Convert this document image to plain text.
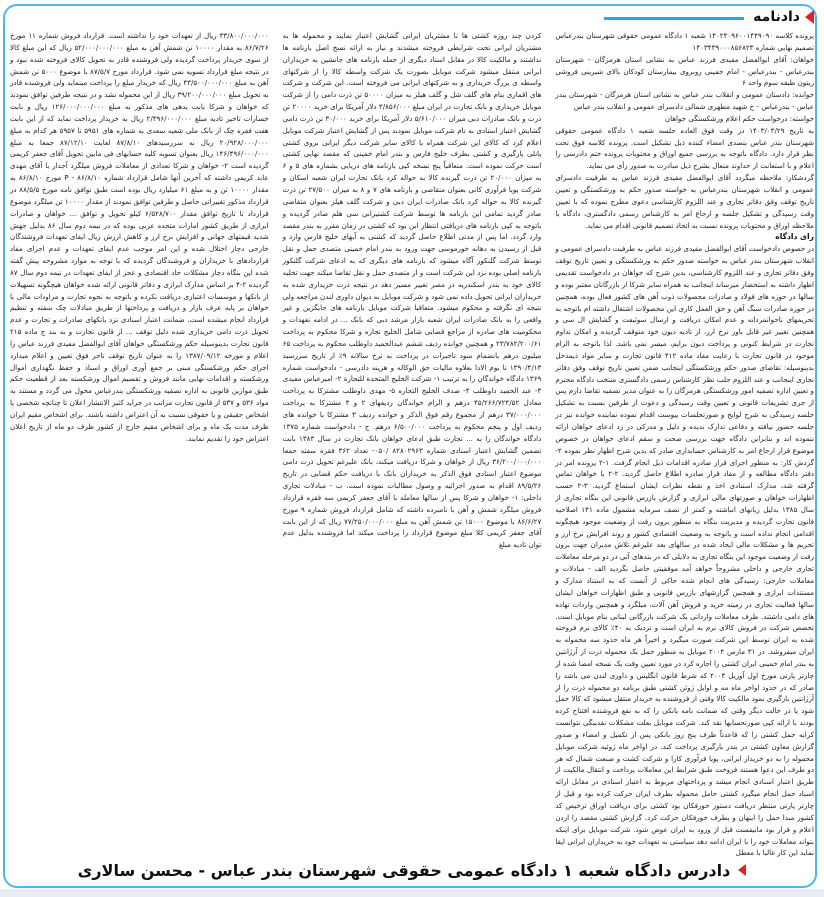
دادنامه

پرونده کلاسه ۱۴۰۲۴۰۹۶۰۰۱۴۴۹۰۹۰ شعبه ۱ دادگاه عمومی حقوقی شهرستان بندرعباس تصمیم نهایی شماره ۱۴۰۳۴۳۹۰۰۰۸۵۶۸۲۳

خواهان: آقای ابوالفضل مفیدی فرزند عباس به نشانی استان هرمزگان - شهرستان بندرعباس - بندرعباس - امام خمینی روبروی بیمارستان کودکان بالای شیرینی فروشی زیتون طبقه سوم واحد ۶

خوانده: دادستان عمومی و انقلاب بندر عباس به نشانی استان هرمزگان - شهرستان بندر عباس - بندرعباس - خ شهید مطهری شمالی دادسرای عمومی و انقلاب بندر عباس

خواسته: درخواست حکم اعلام ورشکستگی خواهان

به تاریخ ۱۴۰۳/۰۳/۲۹ در وقت فوق العاده جلسه شعبه ۱ دادگاه عمومی حقوقی شهرستان بندر عباس بتصدی امضاء کننده ذیل تشکیل است. پرونده کلاسه فوق تحت نظر قرار دارد. دادگاه باتوجه به بررسی جمیع اوراق و محتویات پرونده ختم دادرسی را اعلام و با استعانت از خداوند متعال بشرح ذیل مبادرت به صدور رأی می نماید.

گردشکار: ملاحظه میگردد آقای ابوالفضل مفیدی فرزند عباس به طرفیت دادسرای عمومی و انقلاب شهرستان بندرعباس به خواسته صدور حکم به ورشکستگی و تعیین تاریخ توقف وفق دفاتر تجاری و عند اللزوم کارشناسی دعوی مطرح نموده که با تعیین وقت رسیدگی و تشکیل جلسه و ارجاع امر به کارشناس رسمی دادگستری، دادگاه با ملاحظه اوراق و محتویات پرونده نسبت به اتخاذ تصمیم قانونی اقدام می نماید.

رای دادگاه

در خصوص دادخواست آقای ابوالفضل مفیدی فرزند عباس به طرفیت دادسرای عمومی و انقلاب شهرستان بندر عباس به خواسته صدور حکم به ورشکستگی و تعیین تاریخ توقف وفق دفاتر تجاری و عند اللزوم کارشناسی، بدین شرح که خواهان در دادخواست تقدیمی اظهار داشته به استحضار میرساند اینجانب به همراه سایر شرکا از بازرگانان معتبر بوده و سالها در حوزه های فولاد و صادرات محصولات ذوب آهن های کشور فعال بوده، همچنین در حوزه صادرات سنگ آهن و حق العمل کاری این محصولات اشتغال داشته ام باتوجه به تحریمهای ناجوانمردانه و عدم امکان دریافت و ارسال سوئیفت و گشایش ال سی و همچنین تغییر غیر قابل باور نرخ ارز، از تادیه دیون خود متوقف گردیده و امکان تداوم تجارت در شرایط کنونی و پرداخت دیون برایم، میسر نمی باشد. لذا باتوجه به الزام موجود در قانون تجارت با رعایت مفاد ماده ۴۱۲ قانون تجارت و سایر مواد ذیمدخل بدینوسیله: تقاضای صدور حکم ورشکستگی اینجانب ضمن تعیین تاریخ توقف وفق دفاتر تجاری اینجانب و عند اللزوم جلب نظر کارشناس رسمی دادگستری منتخب دادگاه محترم و تعیین اداره تصفیه امور ورشکستگی هرمزگان را به عنوان مدیر تصفیه تقاضا دارم پس از جری تشریفات قانونی و تعیین وقت رسیدگی و دعوت از طرفین نسبت به تشکیل جلسه رسیدگی به شرح لوایح و صورتجلسات پیوست اقدام نموده نماینده خوانده نیز در جلسه حضور نیافته و دفاعی تدارک ندیده و دلیل و مدرکی در رد ادعای خواهان ارائه ننموده اند و بنابراین دادگاه جهت بررسی صحت و سقم ادعای خواهان در خصوص موضوع قرار ارجاع امر به کارشناس حسابداری صادر که بدین شرح اظهار نظر نموده ۲- گردش کار: به منظور اجرای قرار صادره اقدامات ذیل انجام گرفت. ۱-۲ پرونده امر در دفتر دادگاه مطالعه و از مفاد قرار صادره اطلاع حاصل گردید. ۲-۲ با خواهان تماس گرفته شد، مدارک استنادی اخذ و نقطه نظرات ایشان استماع گردید. ۳-۲ حسب اظهارات خواهان و صورتهای مالی ابرازی و گزارش بازرس قانونی این بنگاه تجاری از سال ۱۳۸۵ بدلیل زیانهای انباشته و کمتر از نصف سرمایه مشمول ماده ۱۴۱ اصلاحیه قانون تجارت گردیده و مدیریت بنگاه به منظور برون رفت از وضعیت موجود هیچگونه اقدامی انجام نداده است و باتوجه به وضعیت اقتصادی کشور و روند افزایش نرخ ارز و تحریم ها و مشکلات مالی ایجاد شده در سالهای بعد علیرغم تلاش مدیران جهت برون رفت از وضعیت موجود این بنگاه تجاری به دلایلی که در بندهای آتی در دو مرحله معاملات تجاری خارجی و داخلی مشروحاً خواهد آمد موفقیتی حاصل نگردید الف - مبادلات و معاملات خارجی: رسیدگی های انجام شده حاکی از آنست که به استناد مدارک و مستندات ابرازی و همچنین گزارشهای بازرس قانونی و طبق اظهارات خواهان ایشان سالها فعالیت تجاری در زمینه خرید و فروش آهن آلات، میلگرد و همچنین واردات نهاده های دامی داشتند. طرف معاملات وارداتی یک شرکت بازرگانی لبنانی بنام موبایل است. تخصص شرکت در فروش کالای نرم به ایران است و نزدیک به ۴۰٪ کالای نرم فروخته شده به ایران توسط این شرکت صورت میگیرد و اخیراً هر ماه حدود سه محموله به ایران میفروشد. در ۳۱ مارس ۲۰۰۴ موبایل به منظور حمل یک محموله ذرت از آرژانتین به بندر امام خمینی ایران کشتی را اجاره کرد در مورد تعیین وقت یک نسخه امضا شده از چارتر پارتی مورخ اول آوریل ۲۰۰۴ که شرط قانون انگلیس و داوری لندن می باشد را صادر که در حدود اواخر ماه مه و اوایل ژوئن کشتی طبق برنامه دو محموله ذرت را از آرژانتین بارگیری نمود مالکیت کالا وقتی از فروشنده به خریدار منتقل میشود که کالا حمل شود یا در حالت دیگر وقتی که ضمانت نامه بانکی را که به نفع فروشنده افتتاح کرده بودند با ارائه کپی صورتحسابها نقد کند. شرکت موبایل بعلت مشکلات نقدینگی نتوانست کرایه حمل کشتی را که قاعدتاً ظرف پنج روز بانکی پس از تکمیل و امضاء و صدور گزارش معاون کشتی در بندر بارگیری پرداخت کند. در اواخر ماه ژوئیه شرکت موبایل محموله را به دو خریدار ایرانی، پویا فرآوری کارا و شرکت کشت و صنعت شمال که هر دو طرف این دعوا هستند فروخت طبق شرایط این معاملات پرداخت و انتقال مالکیت از طریق اعتبار اسنادی انجام میشد و پرداختهای مربوط به اعتبار اسنادی در مقابل ارائه اسناد حمل انجام میگیرد کشتی حامل محموله بطرف ایران حرکت کرده بود و قبل از چارتر پارتی منتظر دریافت دستور خورفکان بود کشتی برای دریافت اوراق ترخیص کد کشور مبدا حمل را اینهان و بطرف خورفکان حرکت کرد. گزارش کشتی مقصد را اردن اعلام و قرار بود مانیفست قبل از ورود به ایران عوض شود. شرکت موبایل برای اینکه بتواند معاملات خود را با ایران ادامه دهد سیاستی به تعهدات خود به خریداران ایرانی ایفا نماید این کار غالبا با معطل

کردن چند روزه کشتی ها تا مشتریان ایرانی گشایش اعتبار نمایند و محموله ها به مشتریان ایرانی تحت شرایطی فروخته میشدند و نیاز به ارائه نسخ اصل بارنامه ها نداشتند و مالکیت کالا در مقابل اسناد دیگری از جمله بارنامه های جانشین به خریداران ایرانی منتقل میشود شرکت موبایل بصورت یک شرکت واسطه کالا را از شرکتهای واسطه ی بزرگ خریداری و به شرکتهای ایرانی می فروخته است. این شرکت و شرکت های اقماری بنام های گلف شل و گلف هیلز به میزان ۵۰۰۰۰ تن ذرت دامی را از شرکت موبایل خریداری و بانک تجارت در ایران مبلغ ۳/۸۵۶/۰۰۰ دلار آمریکا برای خرید ۲۰۰۰۰ تن ذرت و بانک صادرات دبی میزان ۵/۶۱۰/۰۰۰ دلار آمریکا برای خرید ۳۰/۰۰۰ تن ذرت دامی گشایش اعتبار اسنادی به نام شرکت موبایل نمودند پس از گشایش اعتبار شرکت موبایل اعلام کرد که کالای این شرکت همراه با کالای سایر شرکت دیگر ایرانی بروی کشتی پانلی بارگیری و کشتی بطرف خلیج فارس و بندر امام خمینی که مقصد نهایی کشتی است حرکت نموده است. متعاقباً پنج نسخه کپی بارنامه های دریایی بشماره های ۵ و ۶ به میزان ۲۰/۰۰۰ تن ذرت گیرنده کالا به حواله کرد بانک تجارت ایران شعبه اسکان و شرکت پویا فرآوری کانی بعنوان متقاضی و بارنامه های ۷ و ۸ به میزان ۲۷/۵۰۰ تن ذرت گیرنده کالا به حواله کرد بانک صادرات ایران دبی و شرکت گلف هیلز بعنوان متقاضی صادر گردید تمامی این بارنامه ها توسط شرکت کشتیرانی سی هلم صادر گردیده و باتوجه به کپی بارنامه های دریافتی انتظار این بود که کشتی در زمان مقرر به بندر مقصد وارد گردد. اما پس از مدتی اطلاع حاصل گردید که کشتی به آبهای خلیج فارس وارد و قبل از رسیدن به دهانه خورموسی جهت ورود به بندر امام خمینی متصدی حمل و نقل توسط شرکت گلنکور آگاه میشود که بارنامه های دیگری که به ادعای شرکت گلنکور بارنامه اصلی بوده نزد این شرکت است و از متصدی حمل و نقل تقاضا میکند جهت تخلیه کالای خود به بندر اسکندریه در مصر تغییر مسیر دهد در نتیجه ذرت خریداری شده به خریداران ایرانی تحویل داده نمی شود و شرکت موبایل به دیوان داوری لندن مراجعه ولی نتیجه ای نگرفته و محکوم میشود. متعاقبا شرکت موبایل بارنامه های جایگزین و غیر واقعی را به بانک صادرات ایران شعبه بازار مرشد دبی که بانک ... در ادامه تعهدات و محکومیت های صادره از مراجع قضایی شامل الخلیج تجاره و شرکا محکوم به پرداخت ۲۳/۷۸۲/۲۰۰/۶۱ و همچنین خوانده ردیف ششم عبدالحمید داوطلب محکوم به پرداخت ۶۵ میلیون درهم بانضمام سود تاخیرات در پرداخت به نرخ سالانه ۹٪ از تاریخ سررسید ۱۳۹۰/۴/۱۳ تا یوم الادا بعلاوه مالیات حق الوکاله و هزینه دادرسی - دادخواست شماره ۱۳۶۹ دادگاه خواندگان را به ترتیب ۱- شرکت الخلیج المتحدة للتجارة ۲- امیرعباس مفیدی ۳- عبد الحمید داوطلب ۴- صدف الخلیج التجاره ۵- مهدی داوطلب مشترکا به پرداخت معادل ۴۵/۲۶۶/۷۲۴/۵۲ درهم و الزام خواندگان ردیفهای ۲ و ۴ مشترکا به پرداخت ۳۷/۰۰۰/۰۰۰ درهم از مجموع رقم فوق الذکر و خوانده ردیف ۳ مشترکا با خوانده های ردیف اول و پنجم محکوم به پرداخت ۶/۵۰۰/۰۰۰ درهم. ج - دادخواست شماره ۱۳۷۵ دادگاه خواندگان را به ... تجارت طبق ادعای خواهان بانک تجارت در سال ۱۳۸۳ بابت تضمین گشایش اعتبار اسنادی شماره ۸۲۸۰۲۹۶۳ /۰۵۰- تعداد ۳۶۲ فقره سفته جمعا ۳۶/۲۰۰/۰۰۰/۰۰۰ ریال از خواهان و شرکا دریافت میکند، بانک علیرغم تحویل ذرت دامی موضوع اعتبار اسنادی فوق الذکر به خریداران بانک با دریافت حکم قضایی در تاریخ ۸۹/۵/۲۶ اقدام به صدور اجرائیه و وصول مطالبات نموده است. ب - مبادلات تجاری داخلی: ۱- خواهان و شرکا پس از سالها معامله با آقای جعفر کریمی سه فقره قرارداد فروش میلگرد شمش و آهن با نامبرده داشته که شامل قرارداد فروش شماره ۹ مورخ ۸۶/۶/۲۷ با موضوع ۱۵۰۰۰ تن شمش آهن به مبلغ ۷۷/۲۵۰/۰۰۰/۰۰۰ ریال که از این بابت آقای جعفر کریمی کلا مبلغ موضوع قرارداد را پرداخت میکند اما فروشنده بدلیل عدم توان تادیه مبلغ

۳۳/۸۰۰/۰۰۰/۰۰۰ ریال از تعهدات خود را نداشته است. قرارداد فروش شماره ۱۱ مورخ ۸۶/۷/۲۶ به مقدار ۱۰۰۰۰ تن شمش آهن به مبلغ ۵۲/۰۰۰/۰۰۰/۰۰۰ ریال که این مبلغ کالا از سوی خریدار پرداخت گردیده ولی فروشنده قادر به تحویل کالای فروخته شده نبود و در نتیجه مبلغ قرارداد تسویه نمی شود. قرارداد مورخ ۸۷/۵/۷ با موضوع ۵۰۰۰ تن شمش آهن به مبلغ ۴۳/۵۰۰/۰۰۰/۰۰۰ ریال که خریدار مبلغ را پرداخت مینماید ولی فروشنده قادر به تحویل مبلغ ۳۹/۲۰۰/۰۰۰/۰۰۰ ریال از این محموله نشد و در نتیجه طرفین توافق نمودند که خواهان و شرکا بابت بدهی های مذکور به مبلغ ۱۲۶/۰۰۰/۰۰۰/۰۰۰ ریال و بابت خسارات تاخیر تادیه مبلغ ۲/۴۹۶/۰۰۰/۰۰۰ ریال به خریدار پرداخت نماید که از این بابت هفت فقره چک از بانک ملی شعبه سعدی به شماره های ۵۹۵۱ تا ۵۹۵۷ هر کدام به مبلغ ۲۰/۹۲۸/۰۰۰/۰۰۰ ریال به سررسیدهای ۸۷/۸/۱۰ لغایت ۸۷/۱۲/۱۰ جمعا به مبلغ ۱۴۶/۴۹۶/۰۰۰/۰۰۰ ریال بعنوان تسویه کلیه حسابهای فی مابین تحویل آقای جعفر کریمی گردیده است ۲- خواهان و شرکا تعدادی از معاملات فروش میلگرد آجدار با آقای مهدی عابد کریمی داشته که آخرین آنها شامل قرارداد شماره ۸۶/۸/۱۰ - P مورخ ۸۶/۸/۱۰ به مقدار ۱۰۰۰۰ تن و به مبلغ ۶۱ میلیارد ریال بوده است طبق توافق نامه مورخ ۸۸/۵/۵ در قرارداد مذکور تغییراتی حاصل و طرفین توافق نمودند از مقدار ۱۰۰۰۰ تن میلگرد موضوع قرارداد تا تاریخ توافق مقدار ۶/۵۲۸/۷۰۰ کیلو تحویل و توافق ... خواهان و صادرات ابرازی از طریق کشور امارات متحده عربی بوده که در نیمه دوم سال ۸۶ بدلیل جهش شدید قیمتهای جهانی و افزایش نرخ ارز و کاهش ارزش ریال ایفای تعهدات فروشندگان خارجی دچار اختلال شده و این امر موجب عدم ایفای تعهدات و عدم اجرای مفاد قراردادهای با خریداران و فروشندگان گردیده که با توجه به موارد مشروحه پیش گفته شده این بنگاه دچار مشکلات حاد اقتصادی و عجز از ایفای تعهدات در نیمه دوم سال ۸۷ گردیده ۲-۴ بر اساس مدارک ابرازی و دفاتر قانونی ارائه شده خواهان هیچگونه تسهیلات از بانکها و موسسات اعتباری دریافت نکرده و باتوجه به نحوه تجارت و مراودات مالی با خواهان بر پایه عرف بازار و دریافت و پرداختها از طریق مبادلات چک سفته و تنظیم قرارداد انجام میشده است. ضمانت اعتبار اسنادی نزد بانکهای صادرات و تجارت و عدم تحویل ذرت دامی خریداری شده دلیل توقف ... از قانون تجارت و به بند ج ماده ۲۱۵ قانون تجارت بدینوسیله حکم ورشکستگی خواهان آقای ابوالفضل مفیدی فرزند عباس را اعلام و مورخه ۱۳۸۷/۰۹/۱۲ را به عنوان تاریخ توقف تاجر فوق تعیین و اعلام میدارد اجرای حکم ورشکستگی مبنی بر جمع آوری اوراق و اسناد و حفظ نگهداری اموال ورشکسته و اقدامات نهایی مانند فروش و تقسیم اموال ورشکسته بعد از قطعیت حکم طبق موازین قانونی به اداره تصفیه ورشکستگی بندرعباس محول می گردد و مستند به مواد ۵۳۶ و ۵۳۷ از قانون تجارت مراتب در جراید کثیر الانتشار اعلان تا چنانچه شخصی یا اشخاص حقیقی و یا حقوقی نسبت به آن اعتراض داشته باشند. برای اشخاص مقیم ایران ظرف مدت یک ماه و برای اشخاص مقیم خارج از کشور ظرف دو ماه از تاریخ اعلان اعتراض خود را تقدیم نمایند.

دادرس دادگاه شعبه ۱ دادگاه عمومی حقوقی شهرستان بندر عباس - محسن سالاری
